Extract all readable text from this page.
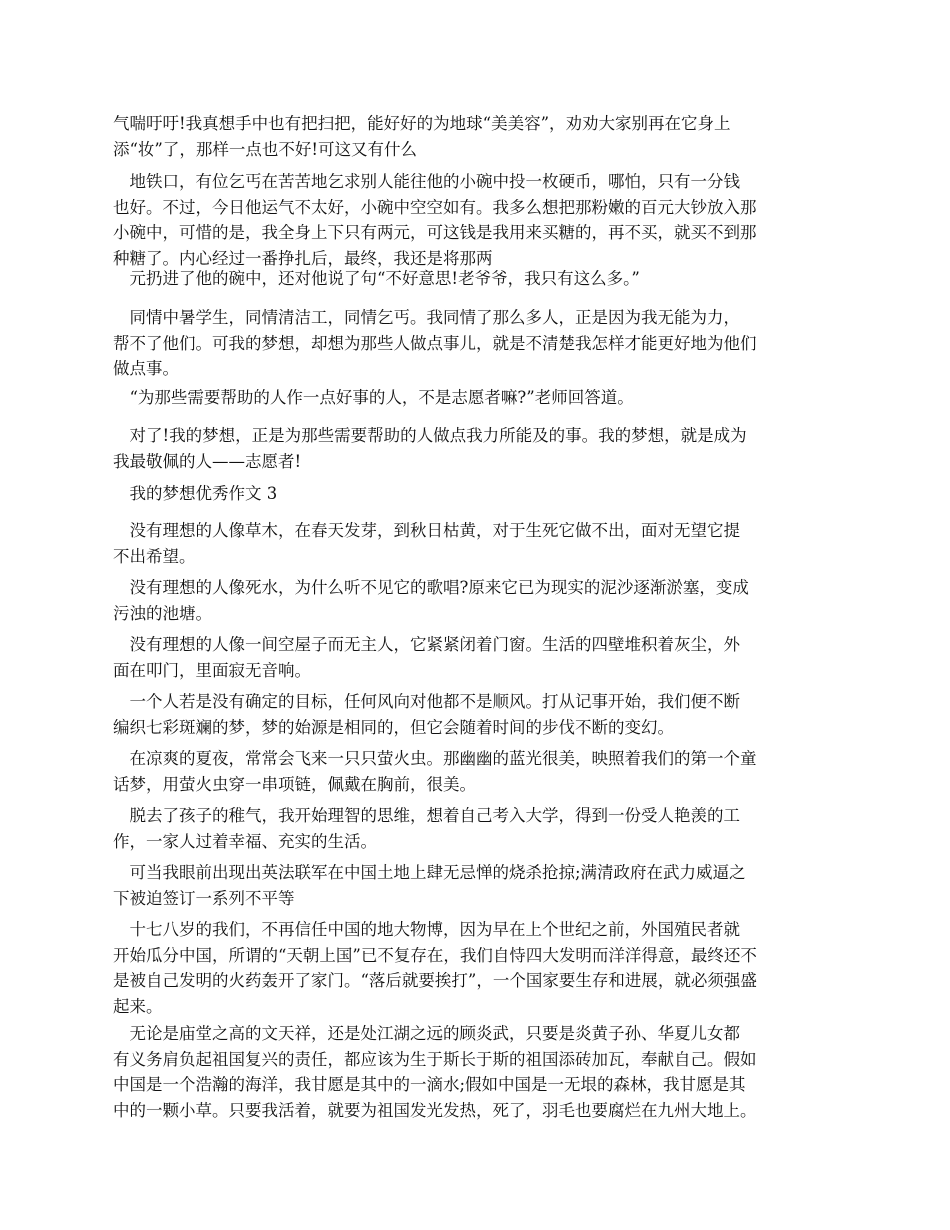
气喘吁吁!我真想手中也有把扫把，能好好的为地球“美美容”，劝劝大家别再在它身上
添“妆”了，那样一点也不好!可这又有什么

　地铁口，有位乞丐在苦苦地乞求别人能往他的小碗中投一枚硬币，哪怕，只有一分钱
也好。不过，今日他运气不太好，小碗中空空如有。我多么想把那粉嫩的百元大钞放入那
小碗中，可惜的是，我全身上下只有两元，可这钱是我用来买糖的，再不买，就买不到那
种糖了。内心经过一番挣扎后，最终，我还是将那两

　元扔进了他的碗中，还对他说了句“不好意思!老爷爷，我只有这么多。”

　同情中暑学生，同情清洁工，同情乞丐。我同情了那么多人，正是因为我无能为力，
帮不了他们。可我的梦想，却想为那些人做点事儿，就是不清楚我怎样才能更好地为他们
做点事。

　“为那些需要帮助的人作一点好事的人，不是志愿者嘛?”老师回答道。

　对了!我的梦想，正是为那些需要帮助的人做点我力所能及的事。我的梦想，就是成为
我最敬佩的人——志愿者!

　我的梦想优秀作文 3

　没有理想的人像草木，在春天发芽，到秋日枯黄，对于生死它做不出，面对无望它提
不出希望。

　没有理想的人像死水，为什么听不见它的歌唱?原来它已为现实的泥沙逐渐淤塞，变成
污浊的池塘。

　没有理想的人像一间空屋子而无主人，它紧紧闭着门窗。生活的四壁堆积着灰尘，外
面在叩门，里面寂无音响。

　一个人若是没有确定的目标，任何风向对他都不是顺风。打从记事开始，我们便不断
编织七彩斑斓的梦，梦的始源是相同的，但它会随着时间的步伐不断的变幻。

　在凉爽的夏夜，常常会飞来一只只萤火虫。那幽幽的蓝光很美，映照着我们的第一个童
话梦，用萤火虫穿一串项链，佩戴在胸前，很美。

　脱去了孩子的稚气，我开始理智的思维，想着自己考入大学，得到一份受人艳羡的工
作，一家人过着幸福、充实的生活。

　可当我眼前出现出英法联军在中国土地上肆无忌惮的烧杀抢掠;满清政府在武力威逼之
下被迫签订一系列不平等

　十七八岁的我们，不再信任中国的地大物博，因为早在上个世纪之前，外国殖民者就
开始瓜分中国，所谓的“天朝上国”已不复存在，我们自恃四大发明而洋洋得意，最终还不
是被自己发明的火药轰开了家门。“落后就要挨打”，一个国家要生存和进展，就必须强盛
起来。

　无论是庙堂之高的文天祥，还是处江湖之远的顾炎武，只要是炎黄子孙、华夏儿女都
有义务肩负起祖国复兴的责任，都应该为生于斯长于斯的祖国添砖加瓦，奉献自己。假如
中国是一个浩瀚的海洋，我甘愿是其中的一滴水;假如中国是一无垠的森林，我甘愿是其
中的一颗小草。只要我活着，就要为祖国发光发热，死了，羽毛也要腐烂在九州大地上。
